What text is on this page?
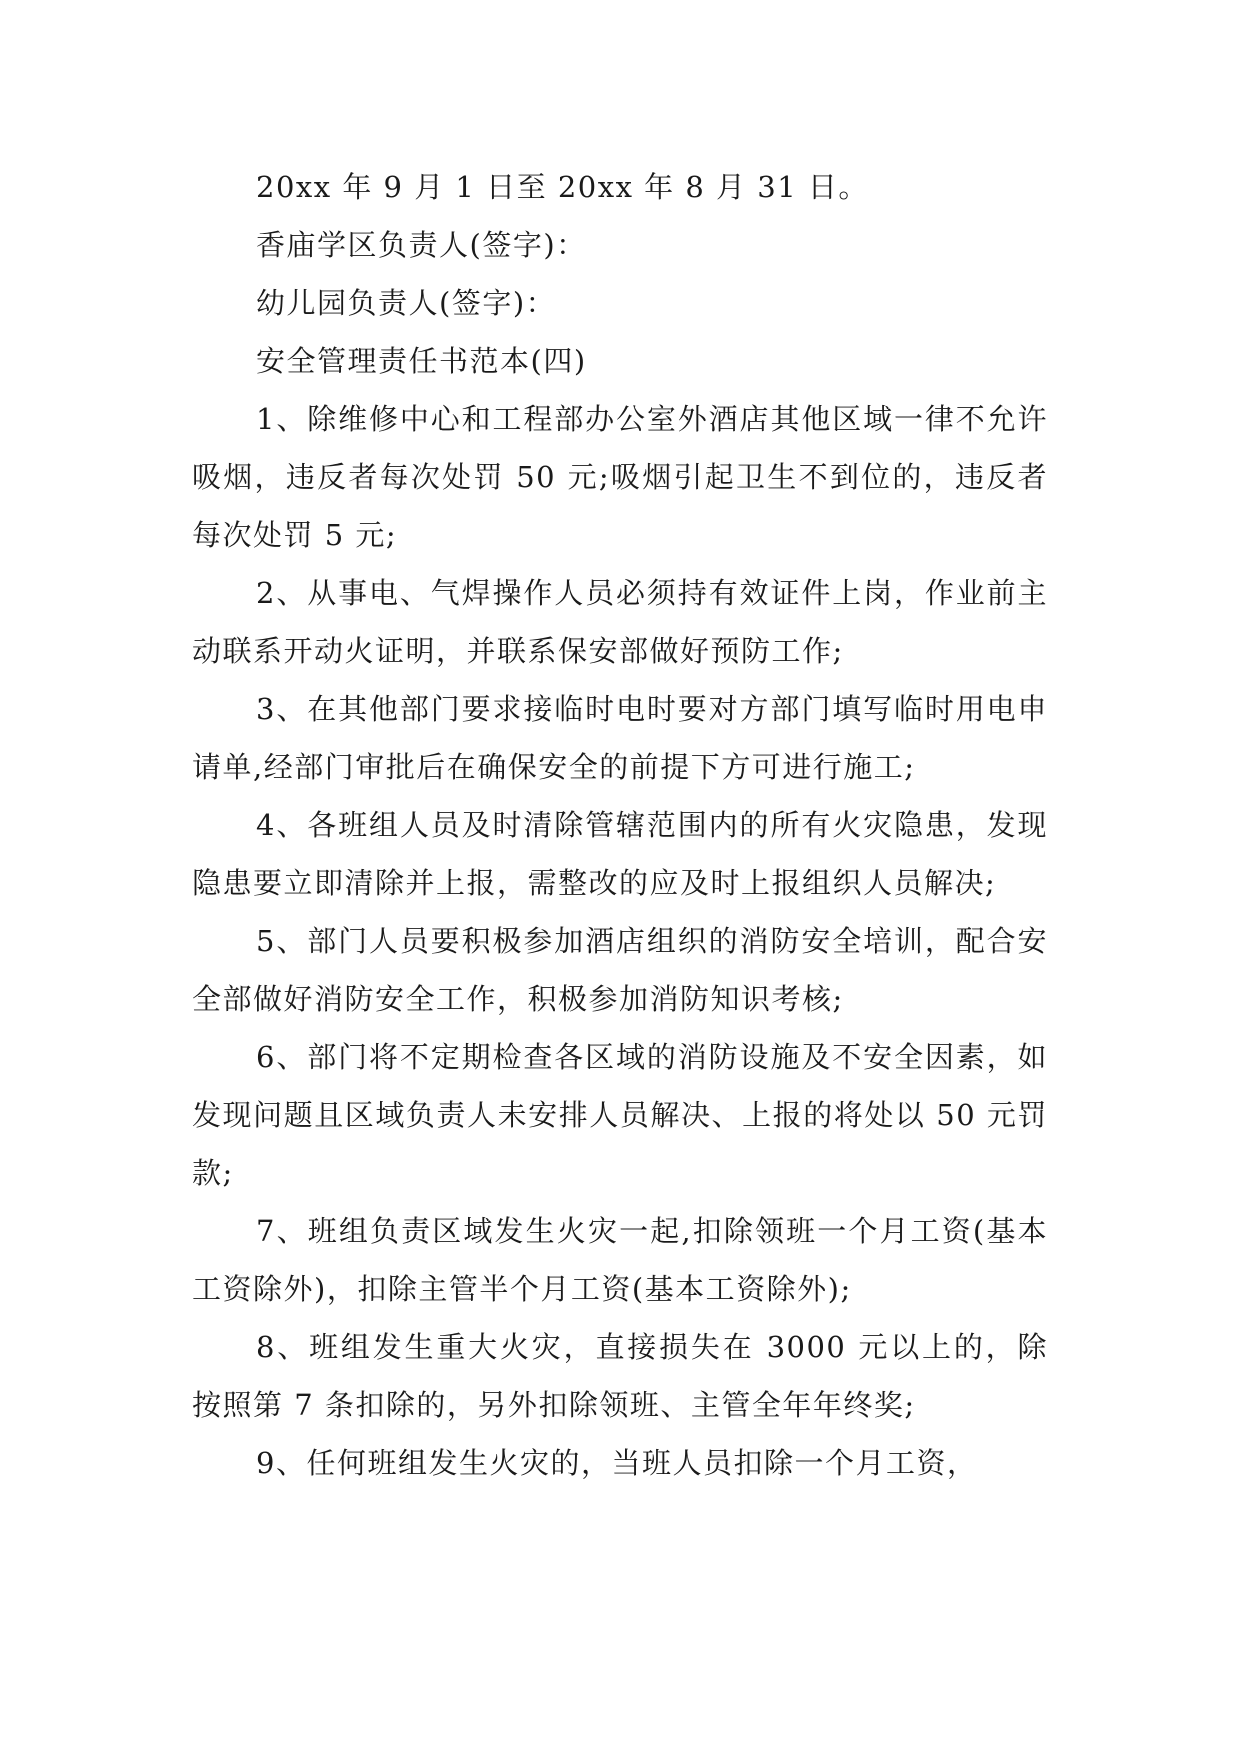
20xx 年 9 月 1 日至 20xx 年 8 月 31 日。

香庙学区负责人(签字)：

幼儿园负责人(签字)：

安全管理责任书范本(四)

1、除维修中心和工程部办公室外酒店其他区域一律不允许吸烟，违反者每次处罚 50 元;吸烟引起卫生不到位的，违反者每次处罚 5 元;

2、从事电、气焊操作人员必须持有效证件上岗，作业前主动联系开动火证明，并联系保安部做好预防工作;

3、在其他部门要求接临时电时要对方部门填写临时用电申请单,经部门审批后在确保安全的前提下方可进行施工;

4、各班组人员及时清除管辖范围内的所有火灾隐患，发现隐患要立即清除并上报，需整改的应及时上报组织人员解决;

5、部门人员要积极参加酒店组织的消防安全培训，配合安全部做好消防安全工作，积极参加消防知识考核;

6、部门将不定期检查各区域的消防设施及不安全因素，如发现问题且区域负责人未安排人员解决、上报的将处以 50 元罚款;

7、班组负责区域发生火灾一起,扣除领班一个月工资(基本工资除外)，扣除主管半个月工资(基本工资除外);

8、班组发生重大火灾，直接损失在 3000 元以上的，除按照第 7 条扣除的，另外扣除领班、主管全年年终奖;

9、任何班组发生火灾的，当班人员扣除一个月工资，
